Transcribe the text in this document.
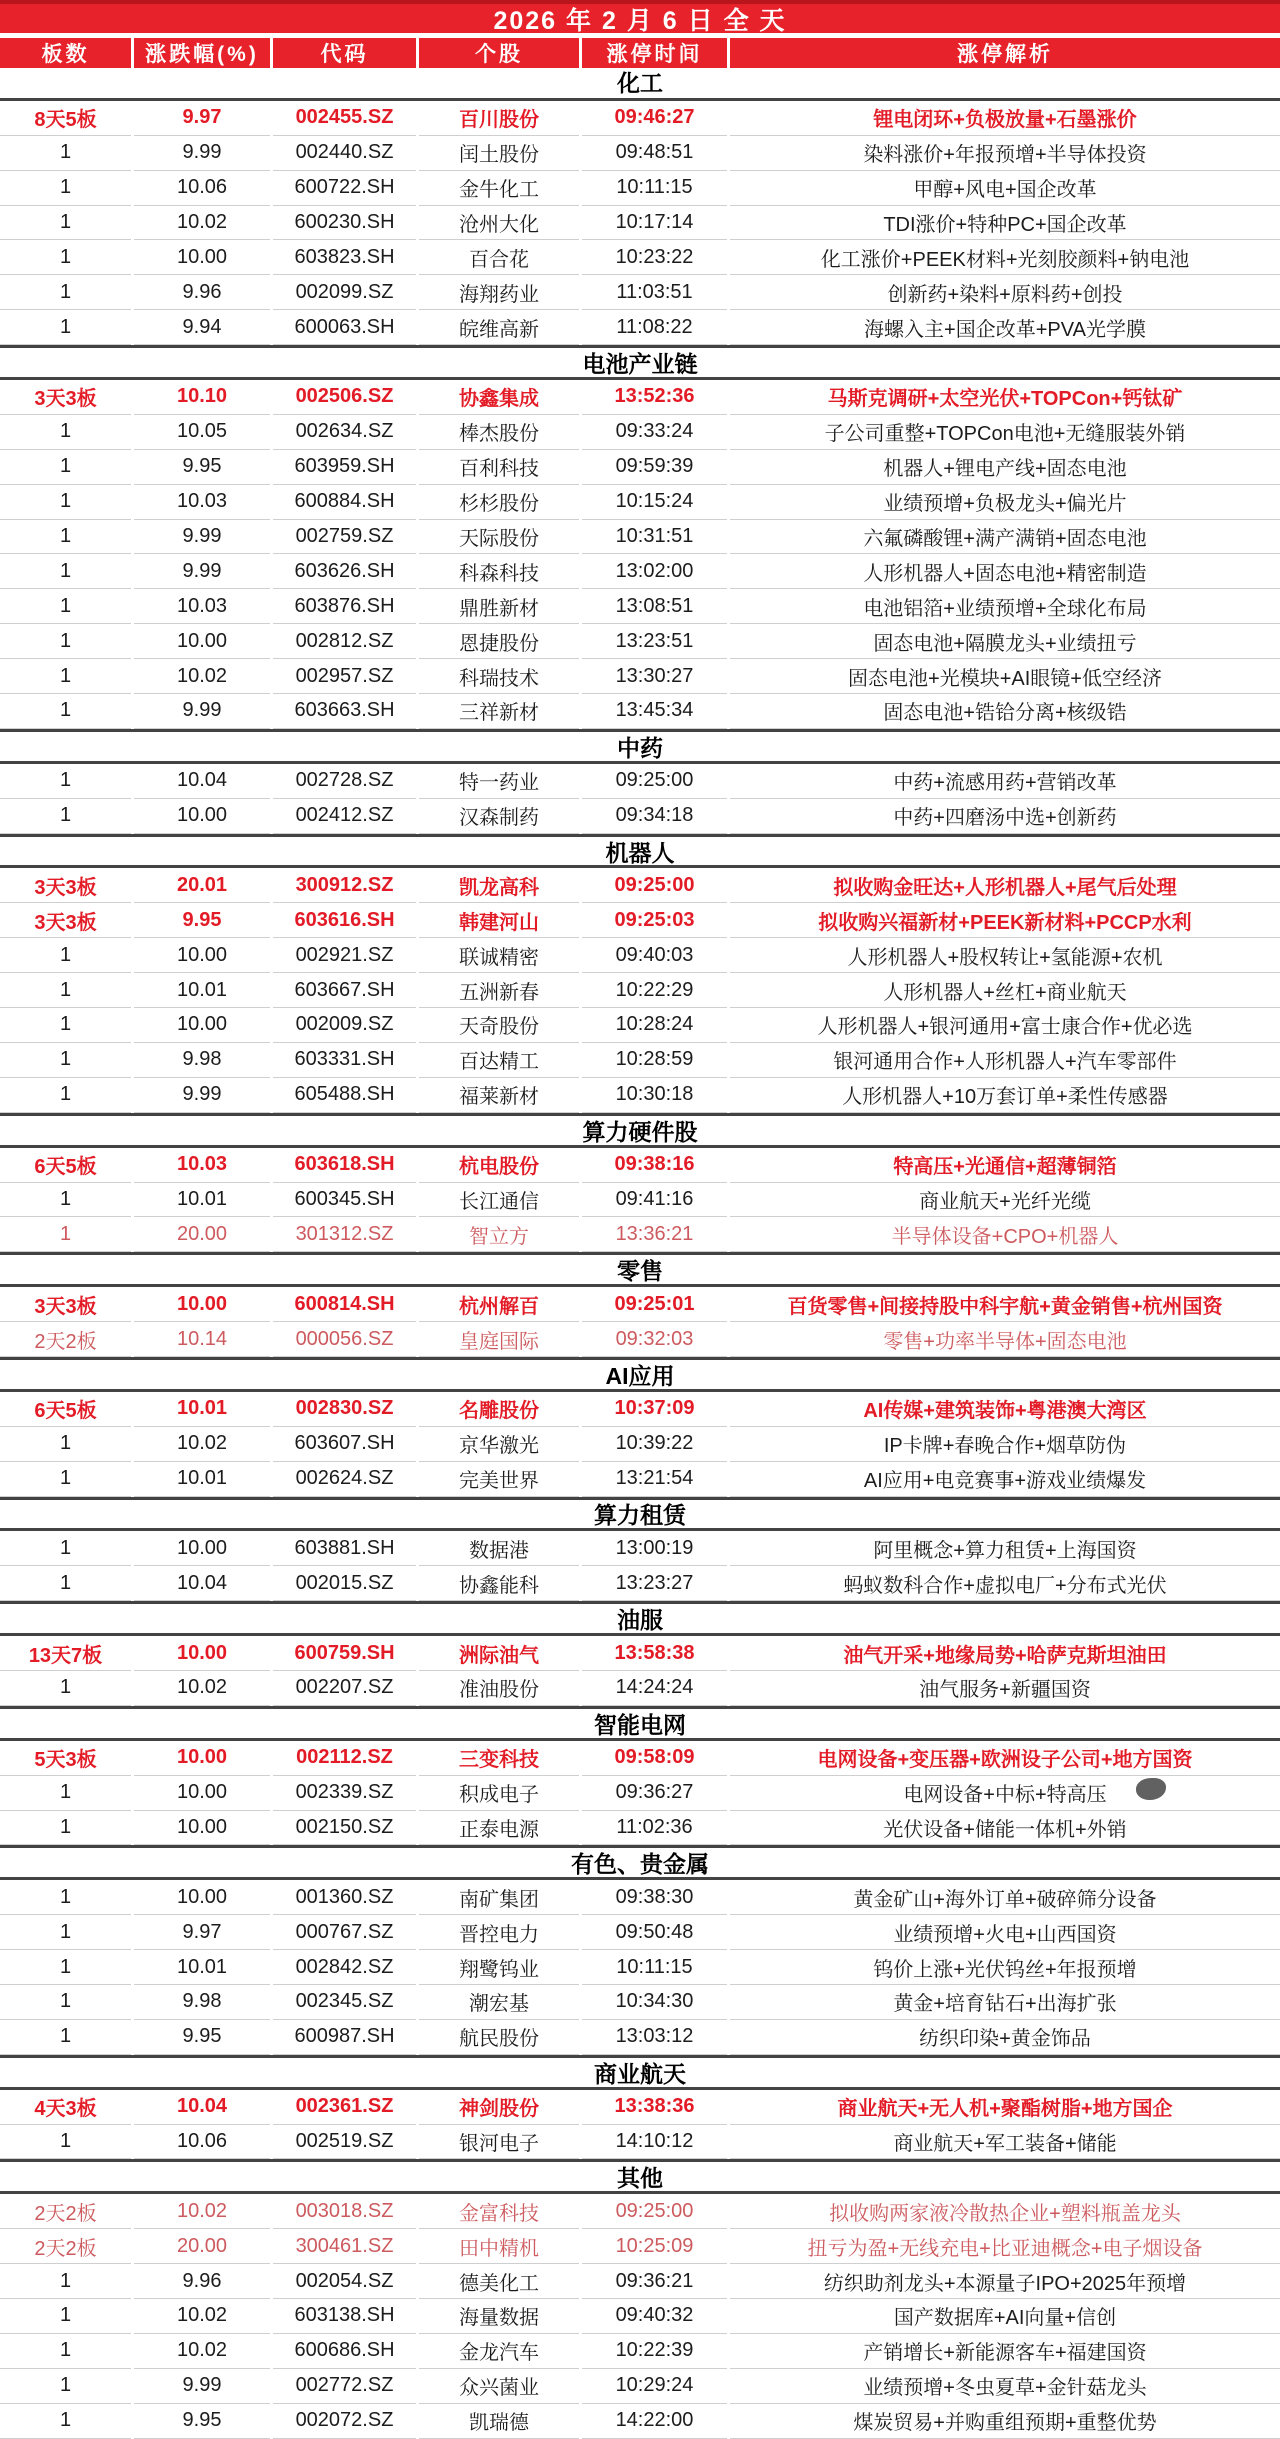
2026 年 2 月 6 日 全 天
板数	涨跌幅(%)	代码	个股	涨停时间	涨停解析
化工
8天5板	9.97	002455.SZ	百川股份	09:46:27	锂电闭环+负极放量+石墨涨价
1	9.99	002440.SZ	闰土股份	09:48:51	染料涨价+年报预增+半导体投资
1	10.06	600722.SH	金牛化工	10:11:15	甲醇+风电+国企改革
1	10.02	600230.SH	沧州大化	10:17:14	TDI涨价+特种PC+国企改革
1	10.00	603823.SH	百合花	10:23:22	化工涨价+PEEK材料+光刻胶颜料+钠电池
1	9.96	002099.SZ	海翔药业	11:03:51	创新药+染料+原料药+创投
1	9.94	600063.SH	皖维高新	11:08:22	海螺入主+国企改革+PVA光学膜
电池产业链
3天3板	10.10	002506.SZ	协鑫集成	13:52:36	马斯克调研+太空光伏+TOPCon+钙钛矿
1	10.05	002634.SZ	棒杰股份	09:33:24	子公司重整+TOPCon电池+无缝服装外销
1	9.95	603959.SH	百利科技	09:59:39	机器人+锂电产线+固态电池
1	10.03	600884.SH	杉杉股份	10:15:24	业绩预增+负极龙头+偏光片
1	9.99	002759.SZ	天际股份	10:31:51	六氟磷酸锂+满产满销+固态电池
1	9.99	603626.SH	科森科技	13:02:00	人形机器人+固态电池+精密制造
1	10.03	603876.SH	鼎胜新材	13:08:51	电池铝箔+业绩预增+全球化布局
1	10.00	002812.SZ	恩捷股份	13:23:51	固态电池+隔膜龙头+业绩扭亏
1	10.02	002957.SZ	科瑞技术	13:30:27	固态电池+光模块+AI眼镜+低空经济
1	9.99	603663.SH	三祥新材	13:45:34	固态电池+锆铪分离+核级锆
中药
1	10.04	002728.SZ	特一药业	09:25:00	中药+流感用药+营销改革
1	10.00	002412.SZ	汉森制药	09:34:18	中药+四磨汤中选+创新药
机器人
3天3板	20.01	300912.SZ	凯龙高科	09:25:00	拟收购金旺达+人形机器人+尾气后处理
3天3板	9.95	603616.SH	韩建河山	09:25:03	拟收购兴福新材+PEEK新材料+PCCP水利
1	10.00	002921.SZ	联诚精密	09:40:03	人形机器人+股权转让+氢能源+农机
1	10.01	603667.SH	五洲新春	10:22:29	人形机器人+丝杠+商业航天
1	10.00	002009.SZ	天奇股份	10:28:24	人形机器人+银河通用+富士康合作+优必选
1	9.98	603331.SH	百达精工	10:28:59	银河通用合作+人形机器人+汽车零部件
1	9.99	605488.SH	福莱新材	10:30:18	人形机器人+10万套订单+柔性传感器
算力硬件股
6天5板	10.03	603618.SH	杭电股份	09:38:16	特高压+光通信+超薄铜箔
1	10.01	600345.SH	长江通信	09:41:16	商业航天+光纤光缆
1	20.00	301312.SZ	智立方	13:36:21	半导体设备+CPO+机器人
零售
3天3板	10.00	600814.SH	杭州解百	09:25:01	百货零售+间接持股中科宇航+黄金销售+杭州国资
2天2板	10.14	000056.SZ	皇庭国际	09:32:03	零售+功率半导体+固态电池
AI应用
6天5板	10.01	002830.SZ	名雕股份	10:37:09	AI传媒+建筑装饰+粤港澳大湾区
1	10.02	603607.SH	京华激光	10:39:22	IP卡牌+春晚合作+烟草防伪
1	10.01	002624.SZ	完美世界	13:21:54	AI应用+电竞赛事+游戏业绩爆发
算力租赁
1	10.00	603881.SH	数据港	13:00:19	阿里概念+算力租赁+上海国资
1	10.04	002015.SZ	协鑫能科	13:23:27	蚂蚁数科合作+虚拟电厂+分布式光伏
油服
13天7板	10.00	600759.SH	洲际油气	13:58:38	油气开采+地缘局势+哈萨克斯坦油田
1	10.02	002207.SZ	准油股份	14:24:24	油气服务+新疆国资
智能电网
5天3板	10.00	002112.SZ	三变科技	09:58:09	电网设备+变压器+欧洲设子公司+地方国资
1	10.00	002339.SZ	积成电子	09:36:27	电网设备+中标+特高压
1	10.00	002150.SZ	正泰电源	11:02:36	光伏设备+储能一体机+外销
有色、贵金属
1	10.00	001360.SZ	南矿集团	09:38:30	黄金矿山+海外订单+破碎筛分设备
1	9.97	000767.SZ	晋控电力	09:50:48	业绩预增+火电+山西国资
1	10.01	002842.SZ	翔鹭钨业	10:11:15	钨价上涨+光伏钨丝+年报预增
1	9.98	002345.SZ	潮宏基	10:34:30	黄金+培育钻石+出海扩张
1	9.95	600987.SH	航民股份	13:03:12	纺织印染+黄金饰品
商业航天
4天3板	10.04	002361.SZ	神剑股份	13:38:36	商业航天+无人机+聚酯树脂+地方国企
1	10.06	002519.SZ	银河电子	14:10:12	商业航天+军工装备+储能
其他
2天2板	10.02	003018.SZ	金富科技	09:25:00	拟收购两家液冷散热企业+塑料瓶盖龙头
2天2板	20.00	300461.SZ	田中精机	10:25:09	扭亏为盈+无线充电+比亚迪概念+电子烟设备
1	9.96	002054.SZ	德美化工	09:36:21	纺织助剂龙头+本源量子IPO+2025年预增
1	10.02	603138.SH	海量数据	09:40:32	国产数据库+AI向量+信创
1	10.02	600686.SH	金龙汽车	10:22:39	产销增长+新能源客车+福建国资
1	9.99	002772.SZ	众兴菌业	10:29:24	业绩预增+冬虫夏草+金针菇龙头
1	9.95	002072.SZ	凯瑞德	14:22:00	煤炭贸易+并购重组预期+重整优势
